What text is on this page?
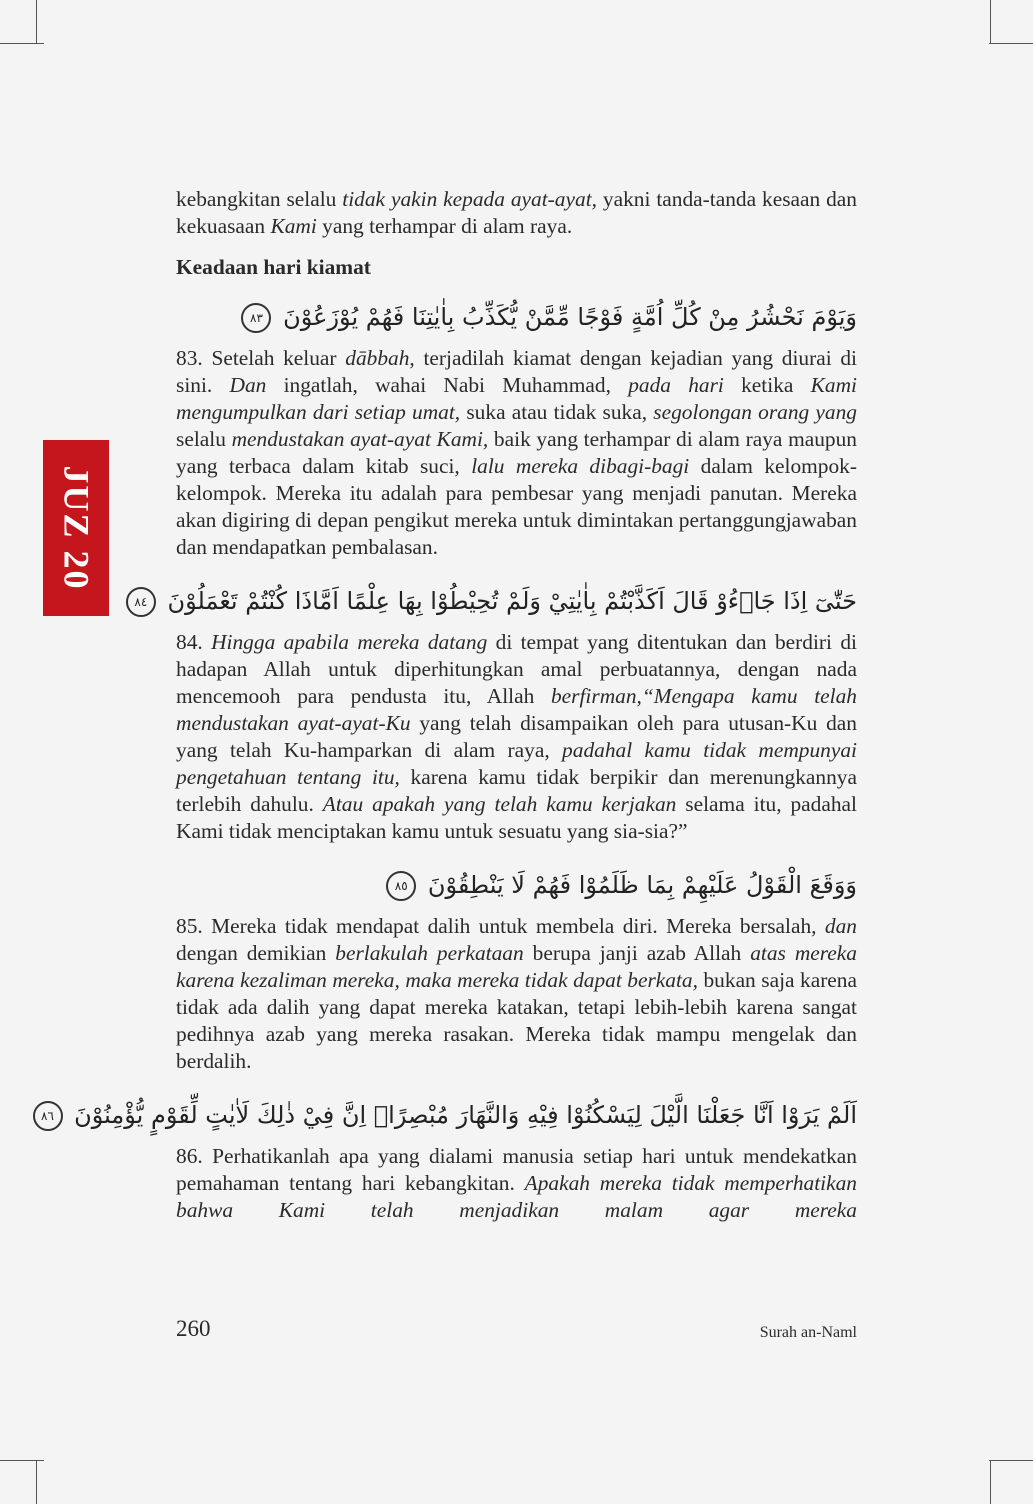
JUZ 20

kebangkitan selalu tidak yakin kepada ayat-ayat, yakni tanda-tanda kesaan dan kekuasaan Kami yang terhampar di alam raya.

Keadaan hari kiamat

وَيَوْمَ نَحْشُرُ مِنْ كُلِّ اُمَّةٍ فَوْجًا مِّمَّنْ يُّكَذِّبُ بِاٰيٰتِنَا فَهُمْ يُوْزَعُوْنَ ٨٣

83. Setelah keluar dābbah, terjadilah kiamat dengan kejadian yang diurai di sini. Dan ingatlah, wahai Nabi Muhammad, pada hari ketika Kami mengumpulkan dari setiap umat, suka atau tidak suka, segolongan orang yang selalu mendustakan ayat-ayat Kami, baik yang terhampar di alam raya maupun yang terbaca dalam kitab suci, lalu mereka dibagi-bagi dalam kelompok-kelompok. Mereka itu adalah para pembesar yang menjadi panutan. Mereka akan digiring di depan pengikut mereka untuk dimintakan pertanggungjawaban dan mendapatkan pembalasan.

حَتّٰىٓ اِذَا جَاۤءُوْ قَالَ اَكَذَّبْتُمْ بِاٰيٰتِيْ وَلَمْ تُحِيْطُوْا بِهَا عِلْمًا اَمَّاذَا كُنْتُمْ تَعْمَلُوْنَ ٨٤

84. Hingga apabila mereka datang di tempat yang ditentukan dan berdiri di hadapan Allah untuk diperhitungkan amal perbuatannya, dengan nada mencemooh para pendusta itu, Allah berfirman,“Mengapa kamu telah mendustakan ayat-ayat-Ku yang telah disampaikan oleh para utusan-Ku dan yang telah Ku-hamparkan di alam raya, padahal kamu tidak mempunyai pengetahuan tentang itu, karena kamu tidak berpikir dan merenungkannya terlebih dahulu. Atau apakah yang telah kamu kerjakan selama itu, padahal Kami tidak menciptakan kamu untuk sesuatu yang sia-sia?”

وَوَقَعَ الْقَوْلُ عَلَيْهِمْ بِمَا ظَلَمُوْا فَهُمْ لَا يَنْطِقُوْنَ ٨٥

85. Mereka tidak mendapat dalih untuk membela diri. Mereka bersalah, dan dengan demikian berlakulah perkataan berupa janji azab Allah atas mereka karena kezaliman mereka, maka mereka tidak dapat berkata, bukan saja karena tidak ada dalih yang dapat mereka katakan, tetapi lebih-lebih karena sangat pedihnya azab yang mereka rasakan. Mereka tidak mampu mengelak dan berdalih.

اَلَمْ يَرَوْا اَنَّا جَعَلْنَا الَّيْلَ لِيَسْكُنُوْا فِيْهِ وَالنَّهَارَ مُبْصِرًاۗ اِنَّ فِيْ ذٰلِكَ لَاٰيٰتٍ لِّقَوْمٍ يُّؤْمِنُوْنَ ٨٦

86. Perhatikanlah apa yang dialami manusia setiap hari untuk mendekatkan pemahaman tentang hari kebangkitan. Apakah mereka tidak memperhatikan bahwa Kami telah menjadikan malam agar mereka

260	Surah an-Naml
